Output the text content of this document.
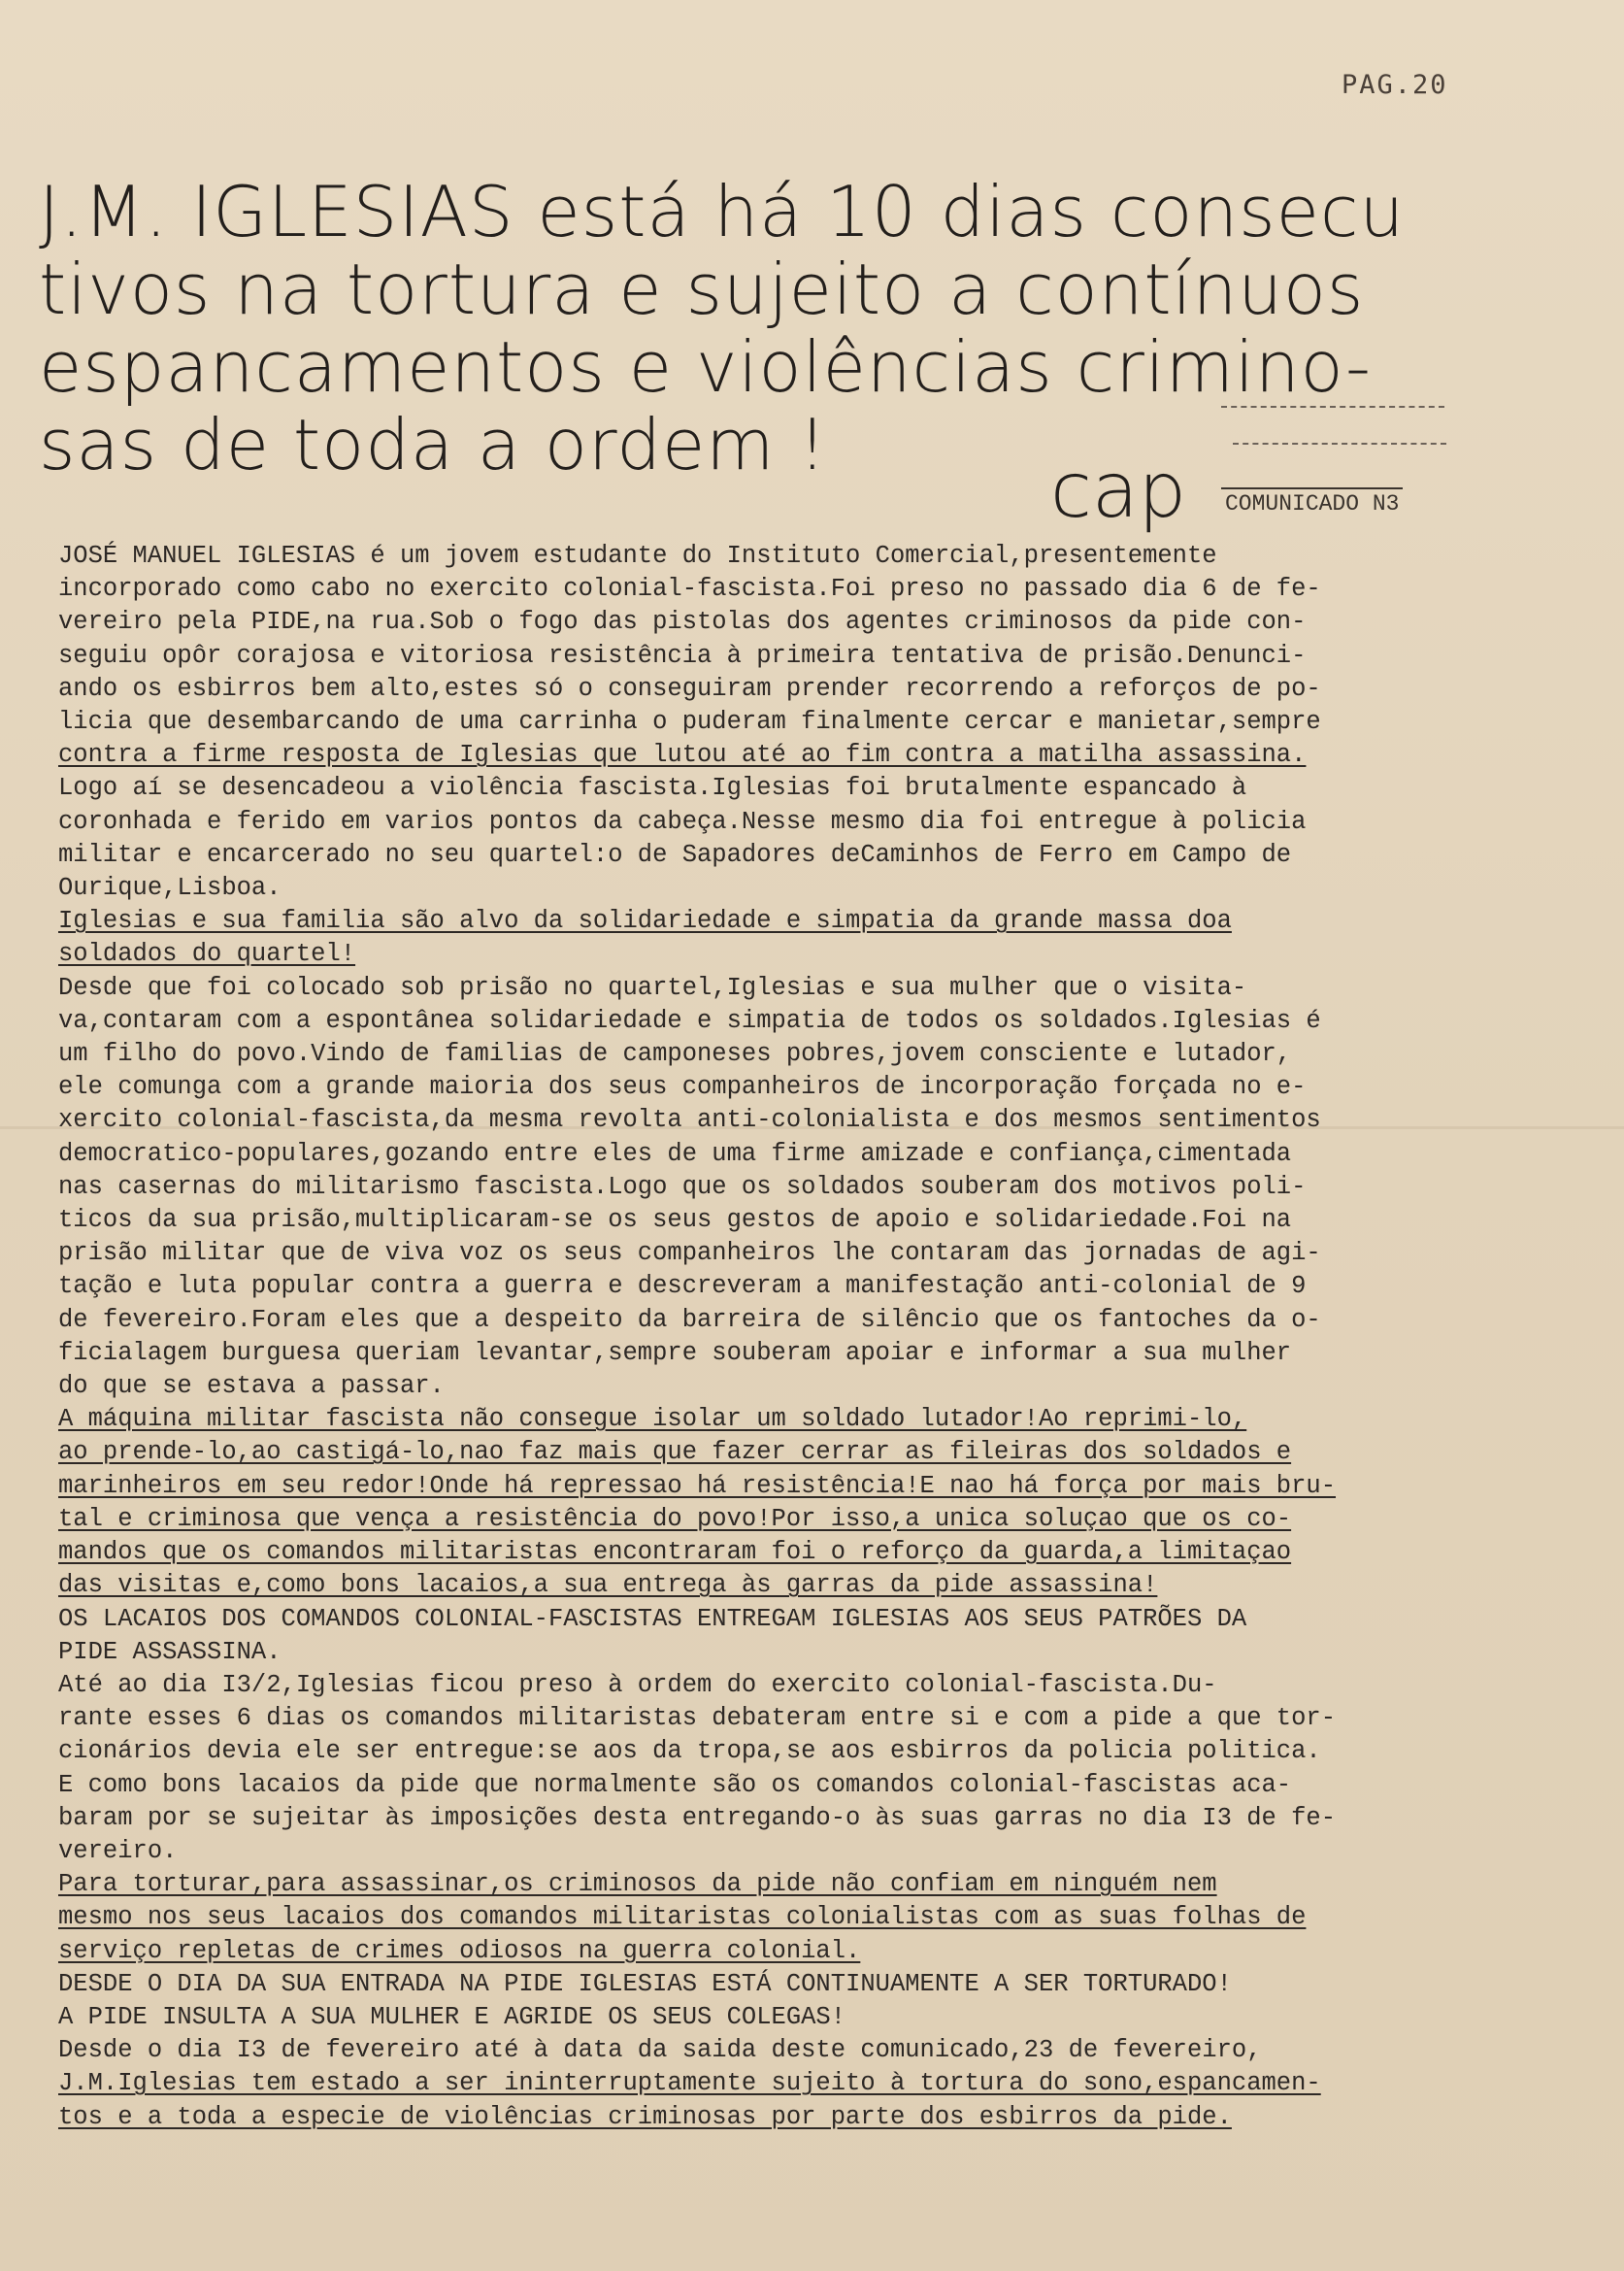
PAG.20
J.M. IGLESIAS está há 10 dias consecu
tivos na tortura e sujeito a contínuos
espancamentos e violências crimino-
sas de toda a ordem !
cap COMUNICADO N3
JOSÉ MANUEL IGLESIAS é um jovem estudante do Instituto Comercial,presentemente
incorporado como cabo no exercito colonial-fascista.Foi preso no passado dia 6 de fe-
vereiro pela PIDE,na rua.Sob o fogo das pistolas dos agentes criminosos da pide con-
seguiu opôr corajosa e vitoriosa resistência à primeira tentativa de prisão.Denunci-
ando os esbirros bem alto,estes só o conseguiram prender recorrendo a reforços de po-
licia que desembarcando de uma carrinha o puderam finalmente cercar e manietar,sempre
contra a firme resposta de Iglesias que lutou até ao fim contra a matilha assassina.
Logo aí se desencadeou a violência fascista.Iglesias foi brutalmente espancado à
coronhada e ferido em varios pontos da cabeça.Nesse mesmo dia foi entregue à policia
militar e encarcerado no seu quartel:o de Sapadores deCaminhos de Ferro em Campo de
Ourique,Lisboa.
Iglesias e sua familia são alvo da solidariedade e simpatia da grande massa doa
soldados do quartel!
Desde que foi colocado sob prisão no quartel,Iglesias e sua mulher que o visita-
va,contaram com a espontânea solidariedade e simpatia de todos os soldados.Iglesias é
um filho do povo.Vindo de familias de camponeses pobres,jovem consciente e lutador,
ele comunga com a grande maioria dos seus companheiros de incorporação forçada no e-
xercito colonial-fascista,da mesma revolta anti-colonialista e dos mesmos sentimentos
democratico-populares,gozando entre eles de uma firme amizade e confiança,cimentada
nas casernas do militarismo fascista.Logo que os soldados souberam dos motivos poli-
ticos da sua prisão,multiplicaram-se os seus gestos de apoio e solidariedade.Foi na
prisão militar que de viva voz os seus companheiros lhe contaram das jornadas de agi-
tação e luta popular contra a guerra e descreveram a manifestação anti-colonial de 9
de fevereiro.Foram eles que a despeito da barreira de silêncio que os fantoches da o-
ficialagem burguesa queriam levantar,sempre souberam apoiar e informar a sua mulher
do que se estava a passar.
A máquina militar fascista não consegue isolar um soldado lutador!Ao reprimi-lo,
ao prende-lo,ao castigá-lo,nao faz mais que fazer cerrar as fileiras dos soldados e
marinheiros em seu redor!Onde há repressao há resistência!E nao há força por mais bru-
tal e criminosa que vença a resistência do povo!Por isso,a unica soluçao que os co-
mandos que os comandos militaristas encontraram foi o reforço da guarda,a limitaçao
das visitas e,como bons lacaios,a sua entrega às garras da pide assassina!
OS LACAIOS DOS COMANDOS COLONIAL-FASCISTAS ENTREGAM IGLESIAS AOS SEUS PATRÕES DA
PIDE ASSASSINA.
Até ao dia I3/2,Iglesias ficou preso à ordem do exercito colonial-fascista.Du-
rante esses 6 dias os comandos militaristas debateram entre si e com a pide a que tor-
cionários devia ele ser entregue:se aos da tropa,se aos esbirros da policia politica.
E como bons lacaios da pide que normalmente são os comandos colonial-fascistas aca-
baram por se sujeitar às imposições desta entregando-o às suas garras no dia I3 de fe-
vereiro.
Para torturar,para assassinar,os criminosos da pide não confiam em ninguém nem
mesmo nos seus lacaios dos comandos militaristas colonialistas com as suas folhas de
serviço repletas de crimes odiosos na guerra colonial.
DESDE O DIA DA SUA ENTRADA NA PIDE IGLESIAS ESTÁ CONTINUAMENTE A SER TORTURADO!
A PIDE INSULTA A SUA MULHER E AGRIDE OS SEUS COLEGAS!
Desde o dia I3 de fevereiro até à data da saida deste comunicado,23 de fevereiro,
J.M.Iglesias tem estado a ser ininterruptamente sujeito à tortura do sono,espancamen-
tos e a toda a especie de violências criminosas por parte dos esbirros da pide.
